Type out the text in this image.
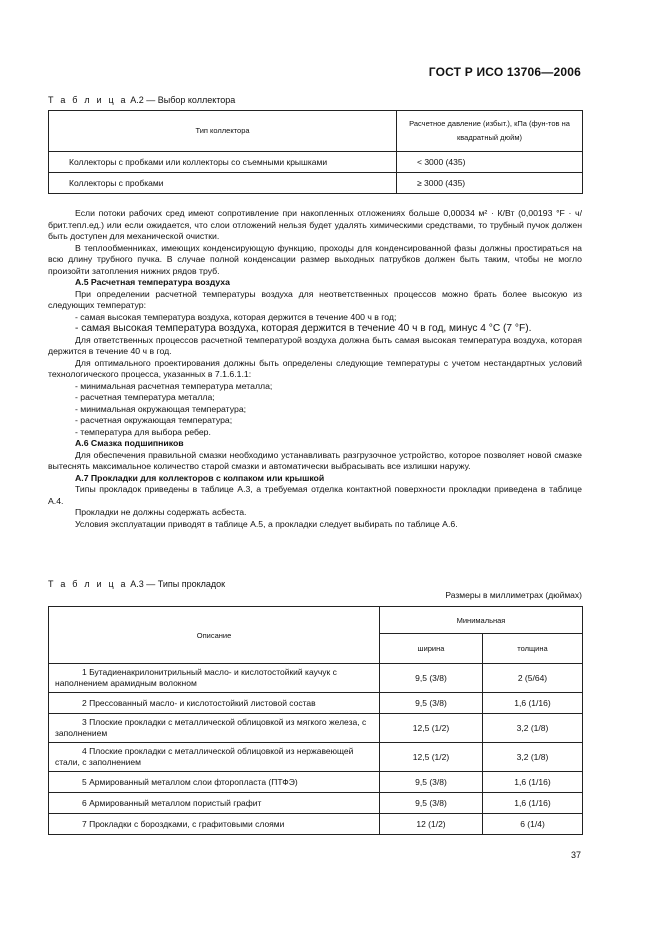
ГОСТ Р ИСО 13706—2006
Т а б л и ц а А.2 — Выбор коллектора
Тип коллектора	Расчетное давление (избыт.), кПа (фун-тов на квадратный дюйм)
Коллекторы с пробками или коллекторы со съемными крышками	< 3000 (435)
Коллекторы с пробками	≥ 3000 (435)

Если потоки рабочих сред имеют сопротивление при накопленных отложениях больше 0,00034 м² · К/Вт (0,00193 °F · ч/брит.тепл.ед.) или если ожидается, что слои отложений нельзя будет удалять химическими средствами, то трубный пучок должен быть доступен для механической очистки.

В теплообменниках, имеющих конденсирующую функцию, проходы для конденсированной фазы должны простираться на всю длину трубного пучка. В случае полной конденсации размер выходных патрубков должен быть таким, чтобы не могло произойти затопления нижних рядов труб.

А.5 Расчетная температура воздуха

При определении расчетной температуры воздуха для неответственных процессов можно брать более высокую из следующих температур:

- самая высокая температура воздуха, которая держится в течение 400 ч в год;

- самая высокая температура воздуха, которая держится в течение 40 ч в год, минус 4 °С (7 °F).

Для ответственных процессов расчетной температурой воздуха должна быть самая высокая температура воздуха, которая держится в течение 40 ч в год.

Для оптимального проектирования должны быть определены следующие температуры с учетом нестандартных условий технологического процесса, указанных в 7.1.6.1.1:

- минимальная расчетная температура металла;

- расчетная температура металла;

- минимальная окружающая температура;

- расчетная окружающая температура;

- температура для выбора ребер.

А.6 Смазка подшипников

Для обеспечения правильной смазки необходимо устанавливать разгрузочное устройство, которое позволяет новой смазке вытеснять максимальное количество старой смазки и автоматически выбрасывать все излишки наружу.

А.7 Прокладки для коллекторов с колпаком или крышкой

Типы прокладок приведены в таблице А.3, а требуемая отделка контактной поверхности прокладки приведена в таблице А.4.

Прокладки не должны содержать асбеста.

Условия эксплуатации приводят в таблице А.5, а прокладки следует выбирать по таблице А.6.

Т а б л и ц а А.3 — Типы прокладок
Размеры в миллиметрах (дюймах)
Описание	Минимальная	
	ширина	толщина
1 Бутадиенакрилонитрильный масло- и кислотостойкий каучук с наполнением арамидным волокном	9,5 (3/8)	2 (5/64)
2 Прессованный масло- и кислотостойкий листовой состав	9,5 (3/8)	1,6 (1/16)
3 Плоские прокладки с металлической облицовкой из мягкого железа, с заполнением	12,5 (1/2)	3,2 (1/8)
4 Плоские прокладки с металлической облицовкой из нержавеющей стали, с заполнением	12,5 (1/2)	3,2 (1/8)
5 Армированный металлом слои фторопласта (ПТФЭ)	9,5 (3/8)	1,6 (1/16)
6 Армированный металлом пористый графит	9,5 (3/8)	1,6 (1/16)
7 Прокладки с бороздками, с графитовыми слоями	12 (1/2)	6 (1/4)
37
